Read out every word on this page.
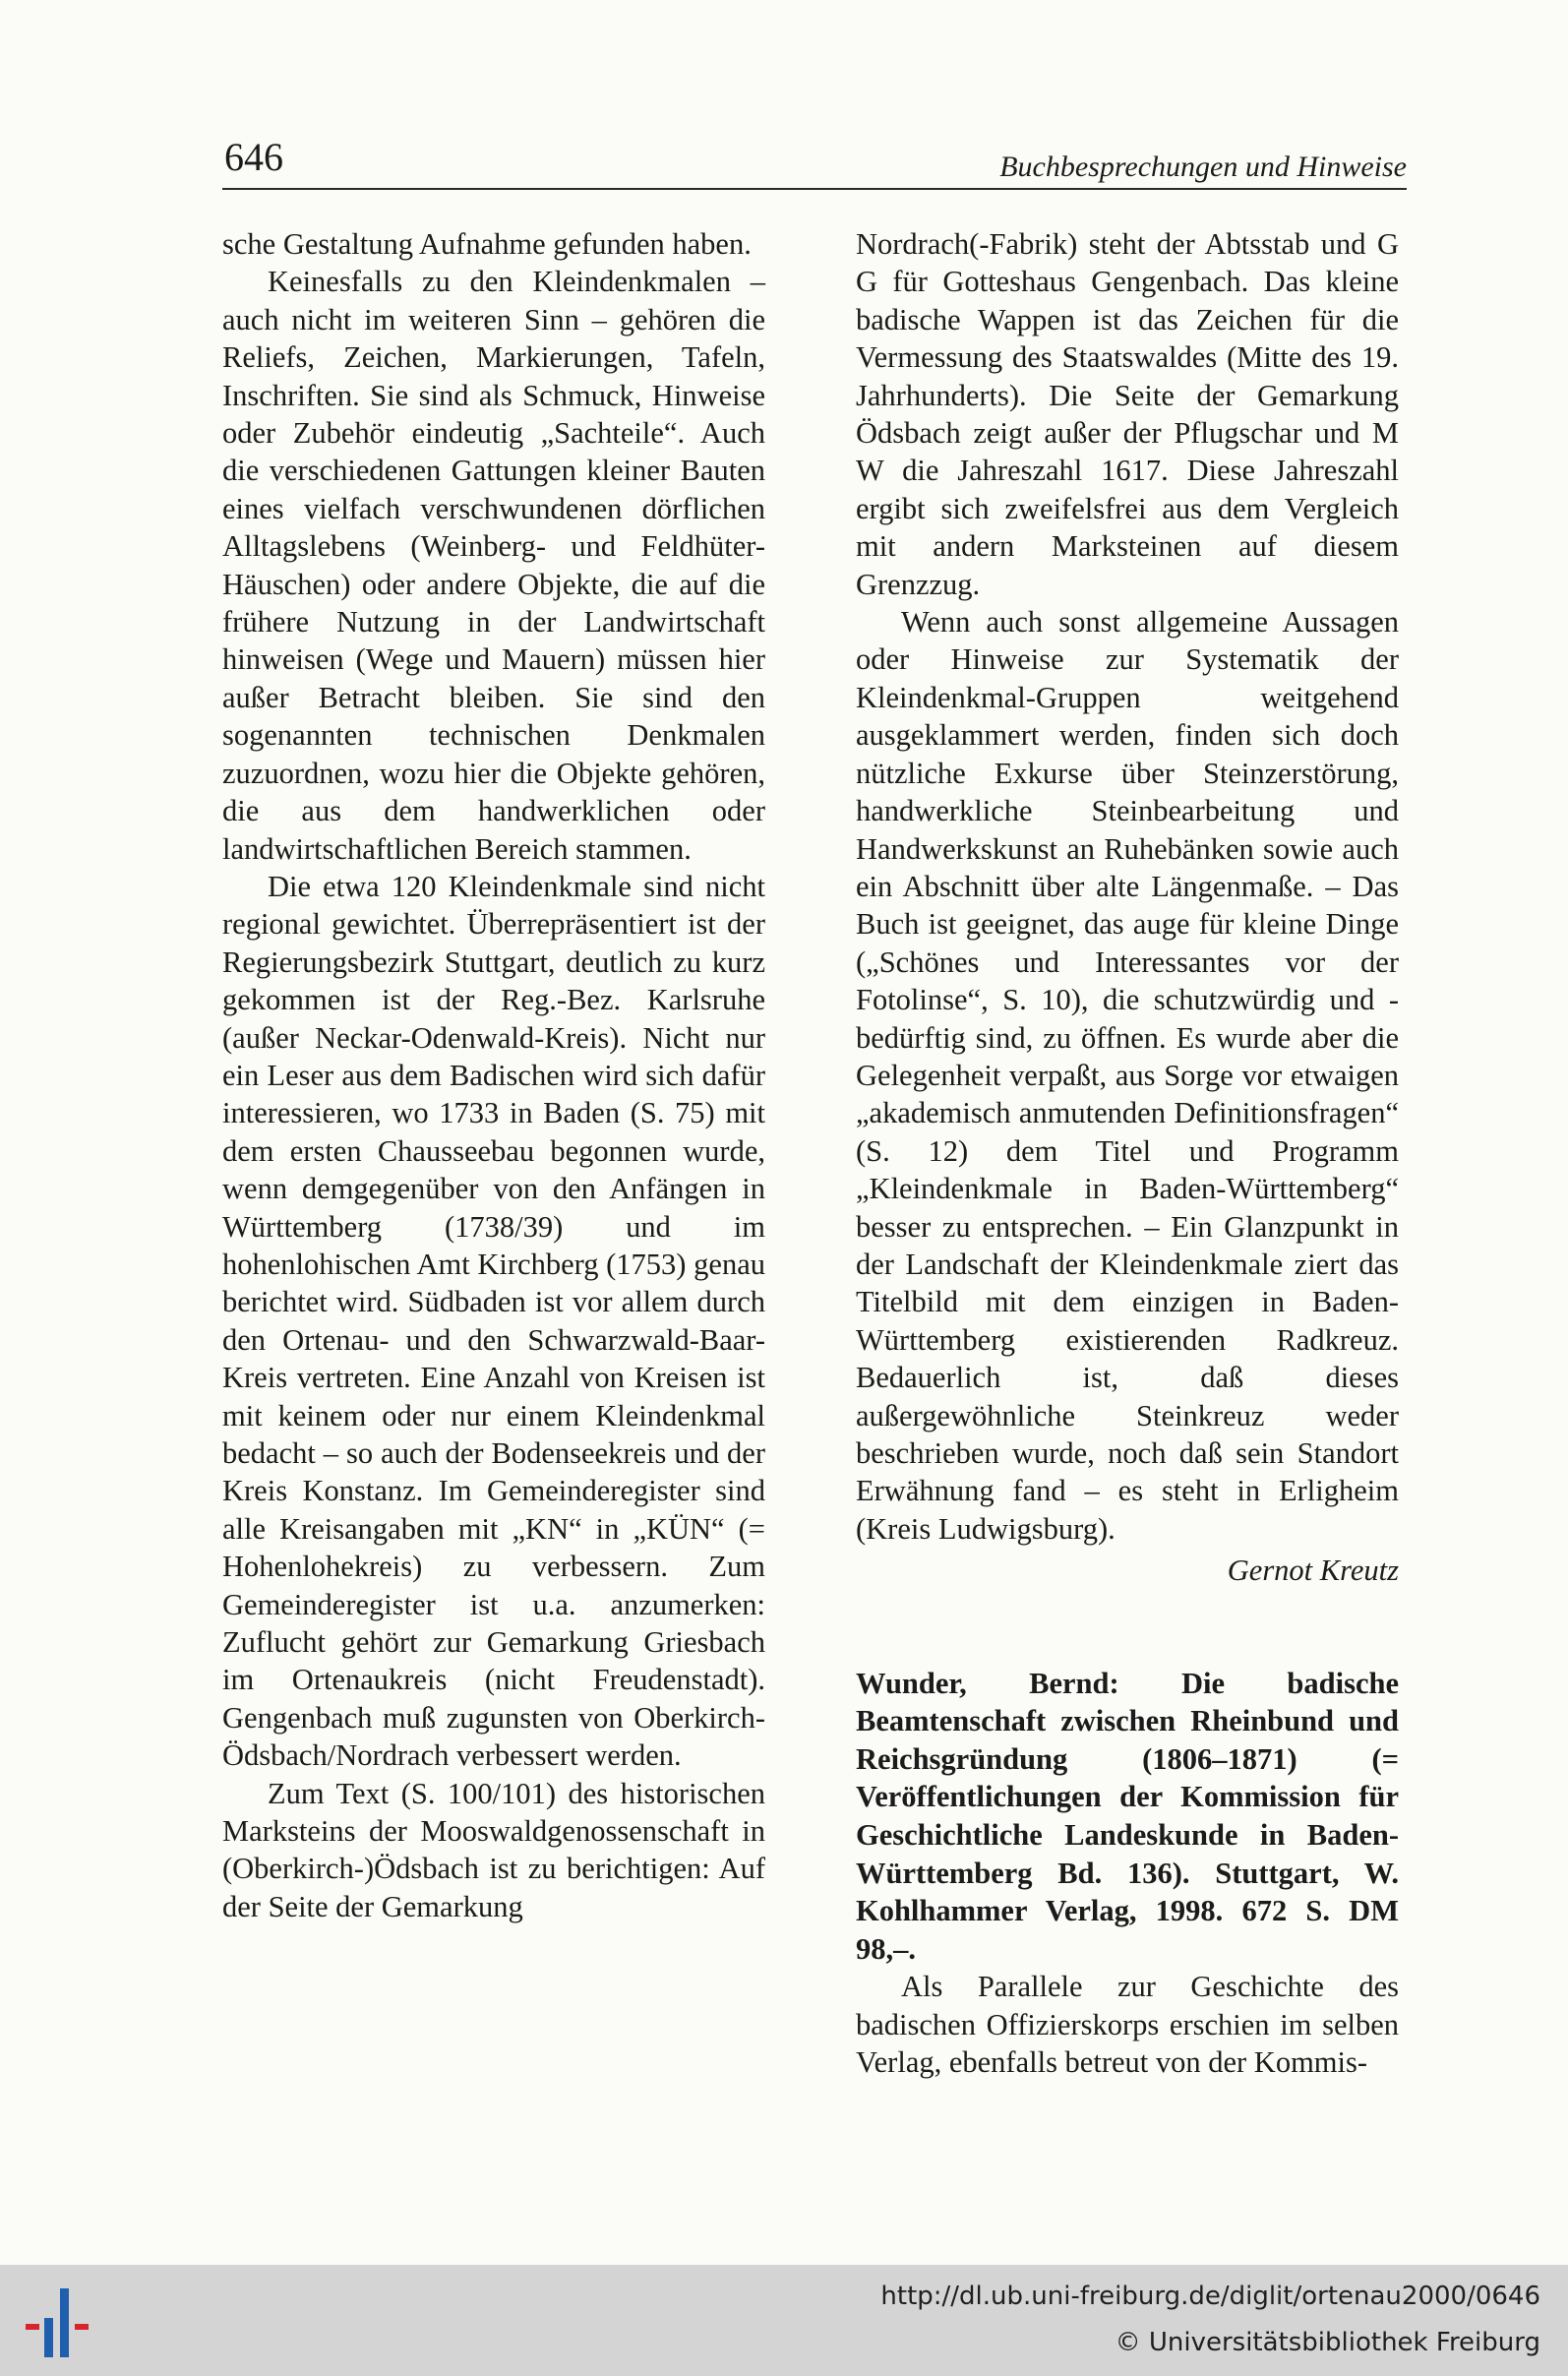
646	Buchbesprechungen und Hinweise

sche Gestaltung Aufnahme gefunden haben.

Keinesfalls zu den Kleindenkmalen – auch nicht im weiteren Sinn – gehören die Reliefs, Zeichen, Markierungen, Tafeln, Inschriften. Sie sind als Schmuck, Hinweise oder Zubehör eindeutig „Sachteile“. Auch die verschiedenen Gattungen kleiner Bauten eines vielfach verschwundenen dörflichen Alltagslebens (Weinberg- und Feldhüter-Häuschen) oder andere Objekte, die auf die frühere Nutzung in der Landwirtschaft hinweisen (Wege und Mauern) müssen hier außer Betracht bleiben. Sie sind den sogenannten technischen Denkmalen zuzuordnen, wozu hier die Objekte gehören, die aus dem handwerklichen oder landwirtschaftlichen Bereich stammen.

Die etwa 120 Kleindenkmale sind nicht regional gewichtet. Überrepräsentiert ist der Regierungsbezirk Stuttgart, deutlich zu kurz gekommen ist der Reg.-Bez. Karlsruhe (außer Neckar-Odenwald-Kreis). Nicht nur ein Leser aus dem Badischen wird sich dafür interessieren, wo 1733 in Baden (S. 75) mit dem ersten Chausseebau begonnen wurde, wenn demgegenüber von den Anfängen in Württemberg (1738/39) und im hohenlohischen Amt Kirchberg (1753) genau berichtet wird. Südbaden ist vor allem durch den Ortenau- und den Schwarzwald-Baar-Kreis vertreten. Eine Anzahl von Kreisen ist mit keinem oder nur einem Kleindenkmal bedacht – so auch der Bodenseekreis und der Kreis Konstanz. Im Gemeinderegister sind alle Kreisangaben mit „KN“ in „KÜN“ (= Hohenlohekreis) zu verbessern. Zum Gemeinderegister ist u.a. anzumerken: Zuflucht gehört zur Gemarkung Griesbach im Ortenaukreis (nicht Freudenstadt). Gengenbach muß zugunsten von Oberkirch-Ödsbach/Nordrach verbessert werden.

Zum Text (S. 100/101) des historischen Marksteins der Mooswaldgenossenschaft in (Oberkirch-)Ödsbach ist zu berichtigen: Auf der Seite der Gemarkung

Nordrach(-Fabrik) steht der Abtsstab und G G für Gotteshaus Gengenbach. Das kleine badische Wappen ist das Zeichen für die Vermessung des Staatswaldes (Mitte des 19. Jahrhunderts). Die Seite der Gemarkung Ödsbach zeigt außer der Pflugschar und M W die Jahreszahl 1617. Diese Jahreszahl ergibt sich zweifelsfrei aus dem Vergleich mit andern Marksteinen auf diesem Grenzzug.

Wenn auch sonst allgemeine Aussagen oder Hinweise zur Systematik der Kleindenkmal-Gruppen weitgehend ausgeklammert werden, finden sich doch nützliche Exkurse über Steinzerstörung, handwerkliche Steinbearbeitung und Handwerkskunst an Ruhebänken sowie auch ein Abschnitt über alte Längenmaße. – Das Buch ist geeignet, das auge für kleine Dinge („Schönes und Interessantes vor der Fotolinse“, S. 10), die schutzwürdig und -bedürftig sind, zu öffnen. Es wurde aber die Gelegenheit verpaßt, aus Sorge vor etwaigen „akademisch anmutenden Definitionsfragen“ (S. 12) dem Titel und Programm „Kleindenkmale in Baden-Württemberg“ besser zu entsprechen. – Ein Glanzpunkt in der Landschaft der Kleindenkmale ziert das Titelbild mit dem einzigen in Baden-Württemberg existierenden Radkreuz. Bedauerlich ist, daß dieses außergewöhnliche Steinkreuz weder beschrieben wurde, noch daß sein Standort Erwähnung fand – es steht in Erligheim (Kreis Ludwigsburg).

Gernot Kreutz

Wunder, Bernd: Die badische Beamtenschaft zwischen Rheinbund und Reichsgründung (1806–1871) (= Veröffentlichungen der Kommission für Geschichtliche Landeskunde in Baden-Württemberg Bd. 136). Stuttgart, W. Kohlhammer Verlag, 1998. 672 S. DM 98,–.

Als Parallele zur Geschichte des badischen Offizierskorps erschien im selben Verlag, ebenfalls betreut von der Kommis-

http://dl.ub.uni-freiburg.de/diglit/ortenau2000/0646
© Universitätsbibliothek Freiburg
